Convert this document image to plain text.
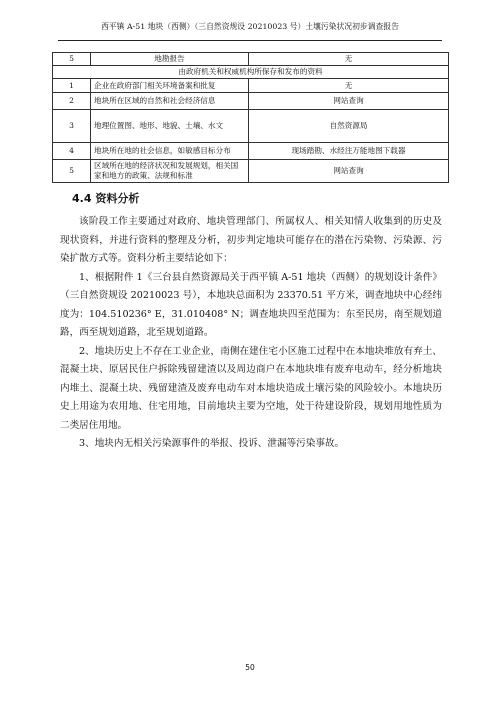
西平镇 A-51 地块（西侧）（三自然资规设 20210023 号）土壤污染状况初步调查报告
5	地勘报告	无
由政府机关和权威机构所保存和发布的资料		
1	企业在政府部门相关环境备案和批复	无
2	地块所在区域的自然和社会经济信息	网站查询
3	地理位置图、地形、地貌、土壤、水文	自然资源局
4	地块所在地的社会信息，如敏感目标分布	现场踏勘、水经注万能地图下载器
5	区域所在地的经济状况和发展规划，相关国家和地方的政策、法规和标准	网站查询
4.4 资料分析

该阶段工作主要通过对政府、地块管理部门、所属权人、相关知情人收集到的历史及现状资料，并进行资料的整理及分析，初步判定地块可能存在的潜在污染物、污染源、污染扩散方式等。资料分析主要结论如下：

1、根据附件 1《三台县自然资源局关于西平镇 A-51 地块（西侧）的规划设计条件》（三自然资规设 20210023 号），本地块总面积为 23370.51 平方米，调查地块中心经纬度为：104.510236° E，31.010408° N；调查地块四至范围为：东至民房，南至规划道路，西至规划道路，北至规划道路。

2、地块历史上不存在工业企业，南侧在建住宅小区施工过程中在本地块堆放有弃土、混凝土块、原居民住户拆除残留建渣以及周边商户在本地块堆有废弃电动车，经分析地块内堆土、混凝土块、残留建渣及废弃电动车对本地块造成土壤污染的风险较小。本地块历史上用途为农用地、住宅用地，目前地块主要为空地，处于待建设阶段，规划用地性质为二类居住用地。

3、地块内无相关污染源事件的举报、投诉、泄漏等污染事故。

50
